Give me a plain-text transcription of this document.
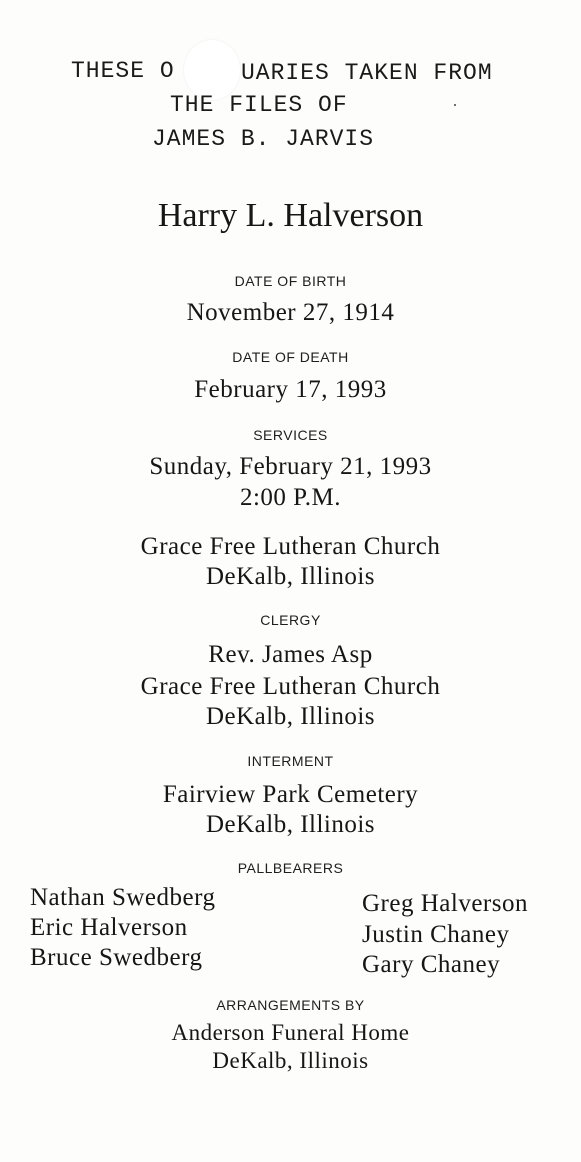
THESE O	UARIES TAKEN FROM
THE FILES OF
JAMES B. JARVIS
Harry L. Halverson
DATE OF BIRTH
November 27, 1914
DATE OF DEATH
February 17, 1993
SERVICES
Sunday, February 21, 1993
2:00 P.M.
Grace Free Lutheran Church
DeKalb, Illinois
CLERGY
Rev. James Asp
Grace Free Lutheran Church
DeKalb, Illinois
INTERMENT
Fairview Park Cemetery
DeKalb, Illinois
PALLBEARERS
Nathan Swedberg
Eric Halverson
Bruce Swedberg
Greg Halverson
Justin Chaney
Gary Chaney
ARRANGEMENTS BY
Anderson Funeral Home
DeKalb, Illinois
